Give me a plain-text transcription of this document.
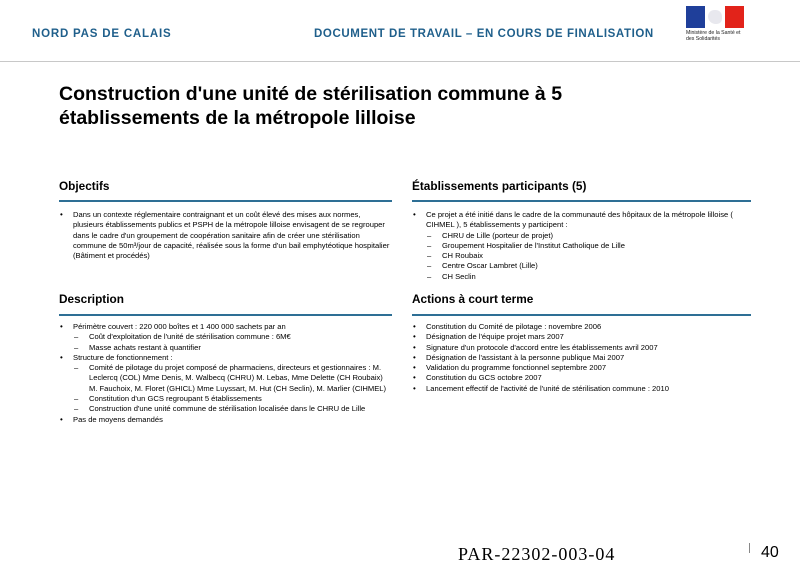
NORD PAS DE CALAIS	DOCUMENT DE TRAVAIL – EN COURS DE FINALISATION	Ministère de la Santé et des Solidarités
Construction d'une unité de stérilisation commune à 5 établissements de la métropole lilloise
Objectifs
• Dans un contexte réglementaire contraignant et un coût élevé des mises aux normes, plusieurs établissements publics et PSPH de la métropole lilloise envisagent de se regrouper dans le cadre d'un groupement de coopération sanitaire afin de créer une stérilisation commune de 50m³/jour de capacité, réalisée sous la forme d'un bail emphytéotique hospitalier (Bâtiment et procédés)
Établissements participants (5)
• Ce projet a été initié dans le cadre de la communauté des hôpitaux de la métropole lilloise ( CIHMEL ), 5 établissements y participent :
– CHRU de Lille (porteur de projet)
– Groupement Hospitalier de l'Institut Catholique de Lille
– CH Roubaix
– Centre Oscar Lambret (Lille)
– CH Seclin
Description
• Périmètre couvert : 220 000 boîtes et 1 400 000 sachets par an
– Coût d'exploitation de l'unité de stérilisation commune : 6M€
– Masse achats restant à quantifier
• Structure de fonctionnement :
– Comité de pilotage du projet composé de pharmaciens, directeurs et gestionnaires : M. Leclercq (COL) Mme Denis, M. Walbecq (CHRU) M. Lebas, Mme Delette (CH Roubaix) M. Fauchoix, M. Floret (GHICL) Mme Luyssart, M. Hut (CH Seclin), M. Marlier (CIHMEL)
– Constitution d'un GCS regroupant 5 établissements
– Construction d'une unité commune de stérilisation localisée dans le CHRU de Lille
• Pas de moyens demandés
Actions à court terme
• Constitution du Comité de pilotage : novembre 2006
• Désignation de l'équipe projet mars 2007
• Signature d'un protocole d'accord entre les établissements avril 2007
• Désignation de l'assistant à la personne publique Mai 2007
• Validation du programme fonctionnel septembre 2007
• Constitution du GCS octobre 2007
• Lancement effectif de l'activité de l'unité de stérilisation commune : 2010
PAR-22302-003-04	40
